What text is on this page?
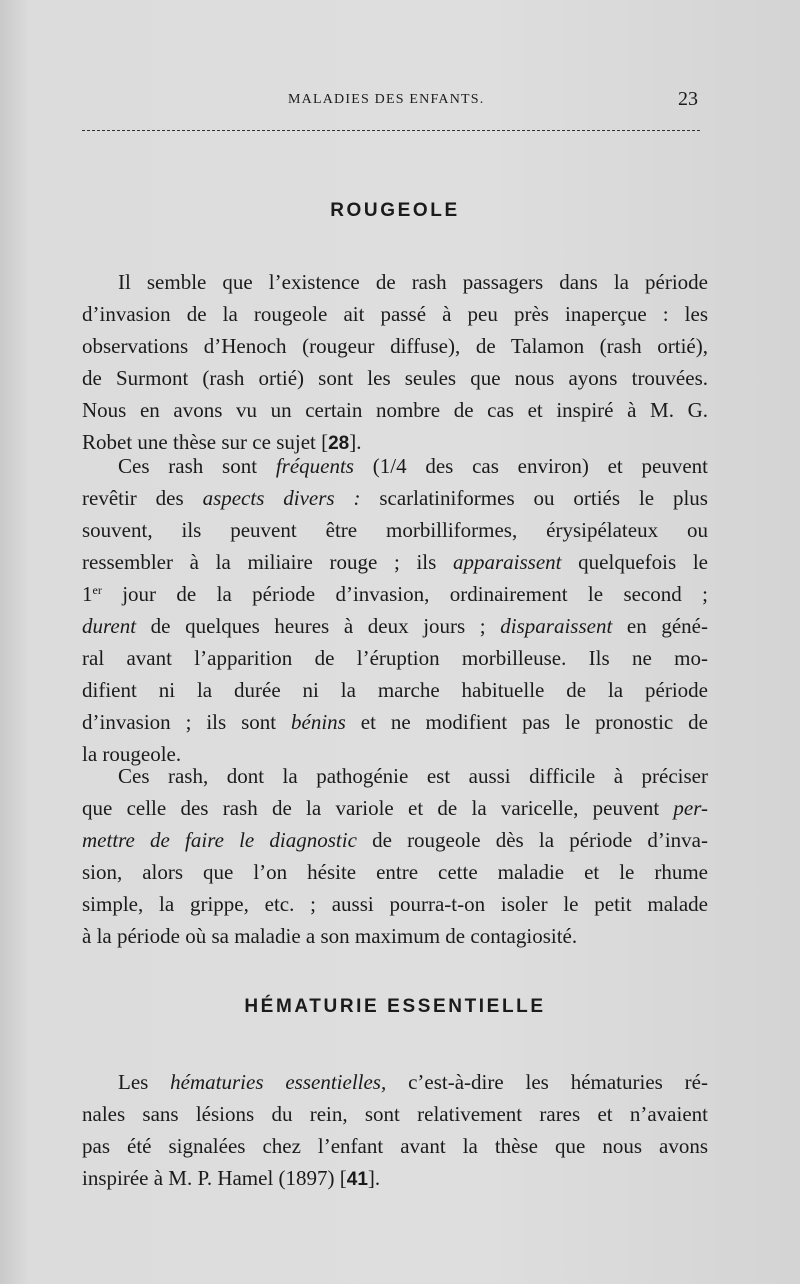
MALADIES DES ENFANTS.	23
ROUGEOLE
Il semble que l’existence de rash passagers dans la période
d’invasion de la rougeole ait passé à peu près inaperçue : les
observations d’Henoch (rougeur diffuse), de Talamon (rash ortié),
de Surmont (rash ortié) sont les seules que nous ayons trouvées.
Nous en avons vu un certain nombre de cas et inspiré à M. G.
Robet une thèse sur ce sujet [28].
Ces rash sont fréquents (1/4 des cas environ) et peuvent
revêtir des aspects divers : scarlatiniformes ou ortiés le plus
souvent, ils peuvent être morbilliformes, érysipélateux ou
ressembler à la miliaire rouge ; ils apparaissent quelquefois le
1er jour de la période d’invasion, ordinairement le second ;
durent de quelques heures à deux jours ; disparaissent en géné-
ral avant l’apparition de l’éruption morbilleuse. Ils ne mo-
difient ni la durée ni la marche habituelle de la période
d’invasion ; ils sont bénins et ne modifient pas le pronostic de
la rougeole.
Ces rash, dont la pathogénie est aussi difficile à préciser
que celle des rash de la variole et de la varicelle, peuvent per-
mettre de faire le diagnostic de rougeole dès la période d’inva-
sion, alors que l’on hésite entre cette maladie et le rhume
simple, la grippe, etc. ; aussi pourra-t-on isoler le petit malade
à la période où sa maladie a son maximum de contagiosité.
HÉMATURIE ESSENTIELLE
Les hématuries essentielles, c’est-à-dire les hématuries ré-
nales sans lésions du rein, sont relativement rares et n’avaient
pas été signalées chez l’enfant avant la thèse que nous avons
inspirée à M. P. Hamel (1897) [41].
